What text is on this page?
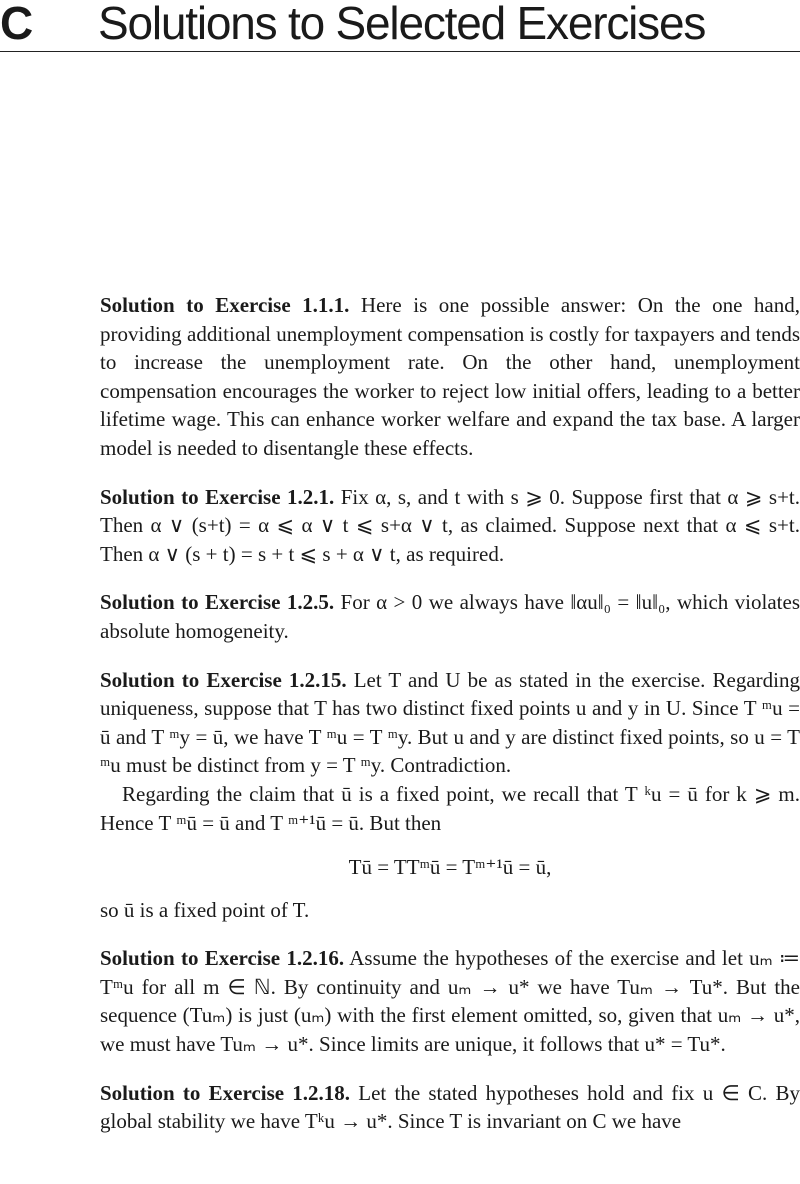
C Solutions to Selected Exercises

Solution to Exercise 1.1.1. Here is one possible answer: On the one hand, providing additional unemployment compensation is costly for taxpayers and tends to increase the unemployment rate. On the other hand, unemployment compensation encourages the worker to reject low initial offers, leading to a better lifetime wage. This can enhance worker welfare and expand the tax base. A larger model is needed to disentangle these effects.

Solution to Exercise 1.2.1. Fix α, s, and t with s ⩾ 0. Suppose first that α ⩾ s+t. Then α ∨ (s+t) = α ⩽ α ∨ t ⩽ s+α ∨ t, as claimed. Suppose next that α ⩽ s+t. Then α ∨ (s + t) = s + t ⩽ s + α ∨ t, as required.

Solution to Exercise 1.2.5. For α > 0 we always have ‖αu‖₀ = ‖u‖₀, which violates absolute homogeneity.

Solution to Exercise 1.2.15. Let T and U be as stated in the exercise. Regarding uniqueness, suppose that T has two distinct fixed points u and y in U. Since T ᵐu = ū and T ᵐy = ū, we have T ᵐu = T ᵐy. But u and y are distinct fixed points, so u = T ᵐu must be distinct from y = T ᵐy. Contradiction.

Regarding the claim that ū is a fixed point, we recall that T ᵏu = ū for k ⩾ m. Hence T ᵐū = ū and T ᵐ⁺¹ū = ū. But then

Tū = TTᵐū = Tᵐ⁺¹ū = ū,

so ū is a fixed point of T.

Solution to Exercise 1.2.16. Assume the hypotheses of the exercise and let uₘ ≔ Tᵐu for all m ∈ ℕ. By continuity and uₘ → u* we have Tuₘ → Tu*. But the sequence (Tuₘ) is just (uₘ) with the first element omitted, so, given that uₘ → u*, we must have Tuₘ → u*. Since limits are unique, it follows that u* = Tu*.

Solution to Exercise 1.2.18. Let the stated hypotheses hold and fix u ∈ C. By global stability we have Tᵏu → u*. Since T is invariant on C we have
